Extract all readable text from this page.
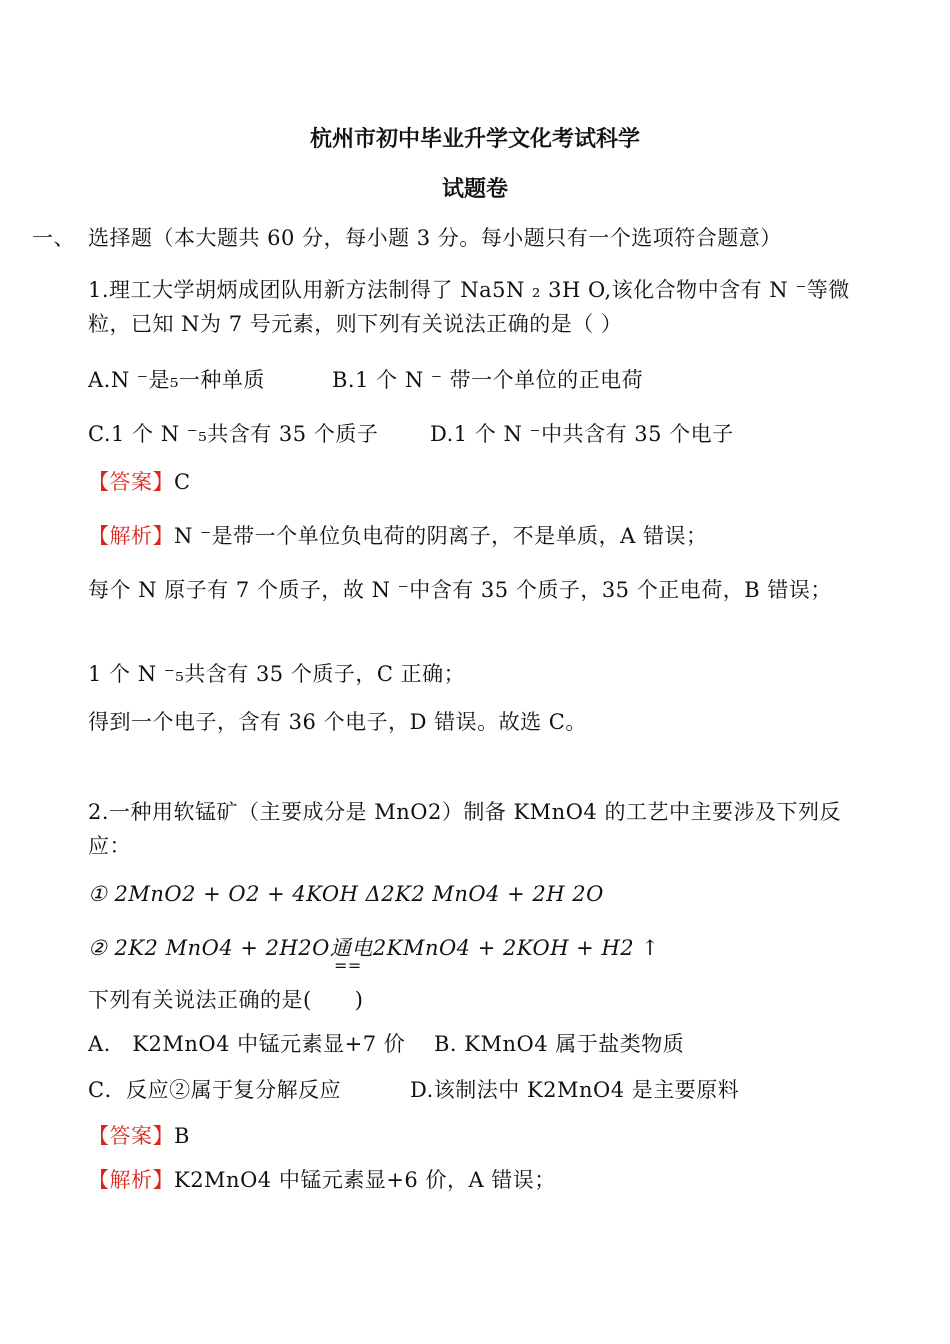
杭州市初中毕业升学文化考试科学
试题卷
一、 选择题（本大题共 60 分，每小题 3 分。每小题只有一个选项符合题意）
1.理工大学胡炳成团队用新方法制得了 Na5N ₂ 3H O,该化合物中含有 N ⁻等微
粒，已知 N为 7 号元素，则下列有关说法正确的是（ ）
A.N ⁻是₅一种单质	B.1 个 N ⁻ 带一个单位的正电荷
C.1 个 N ⁻₅共含有 35 个质子 D.1 个 N ⁻中共含有 35 个电子
【答案】C
【解析】N ⁻是带一个单位负电荷的阴离子，不是单质，A 错误；
每个 N 原子有 7 个质子，故 N ⁻中含有 35 个质子，35 个正电荷，B 错误；
1 个 N ⁻₅共含有 35 个质子，C 正确；
得到一个电子，含有 36 个电子，D 错误。故选 C。
2.一种用软锰矿（主要成分是 MnO2）制备 KMnO4 的工艺中主要涉及下列反
应：
① 2MnO2 + O2 + 4KOH Δ2K2 MnO4 + 2H 2O
② 2K2 MnO4 + 2H2O通电2KMnO4 + 2KOH + H2 ↑
==
下列有关说法正确的是(　　)
A.　K2MnO4 中锰元素显+7 价 B. KMnO4 属于盐类物质
C．反应②属于复分解反应	D.该制法中 K2MnO4 是主要原料
【答案】B
【解析】K2MnO4 中锰元素显+6 价，A 错误；
